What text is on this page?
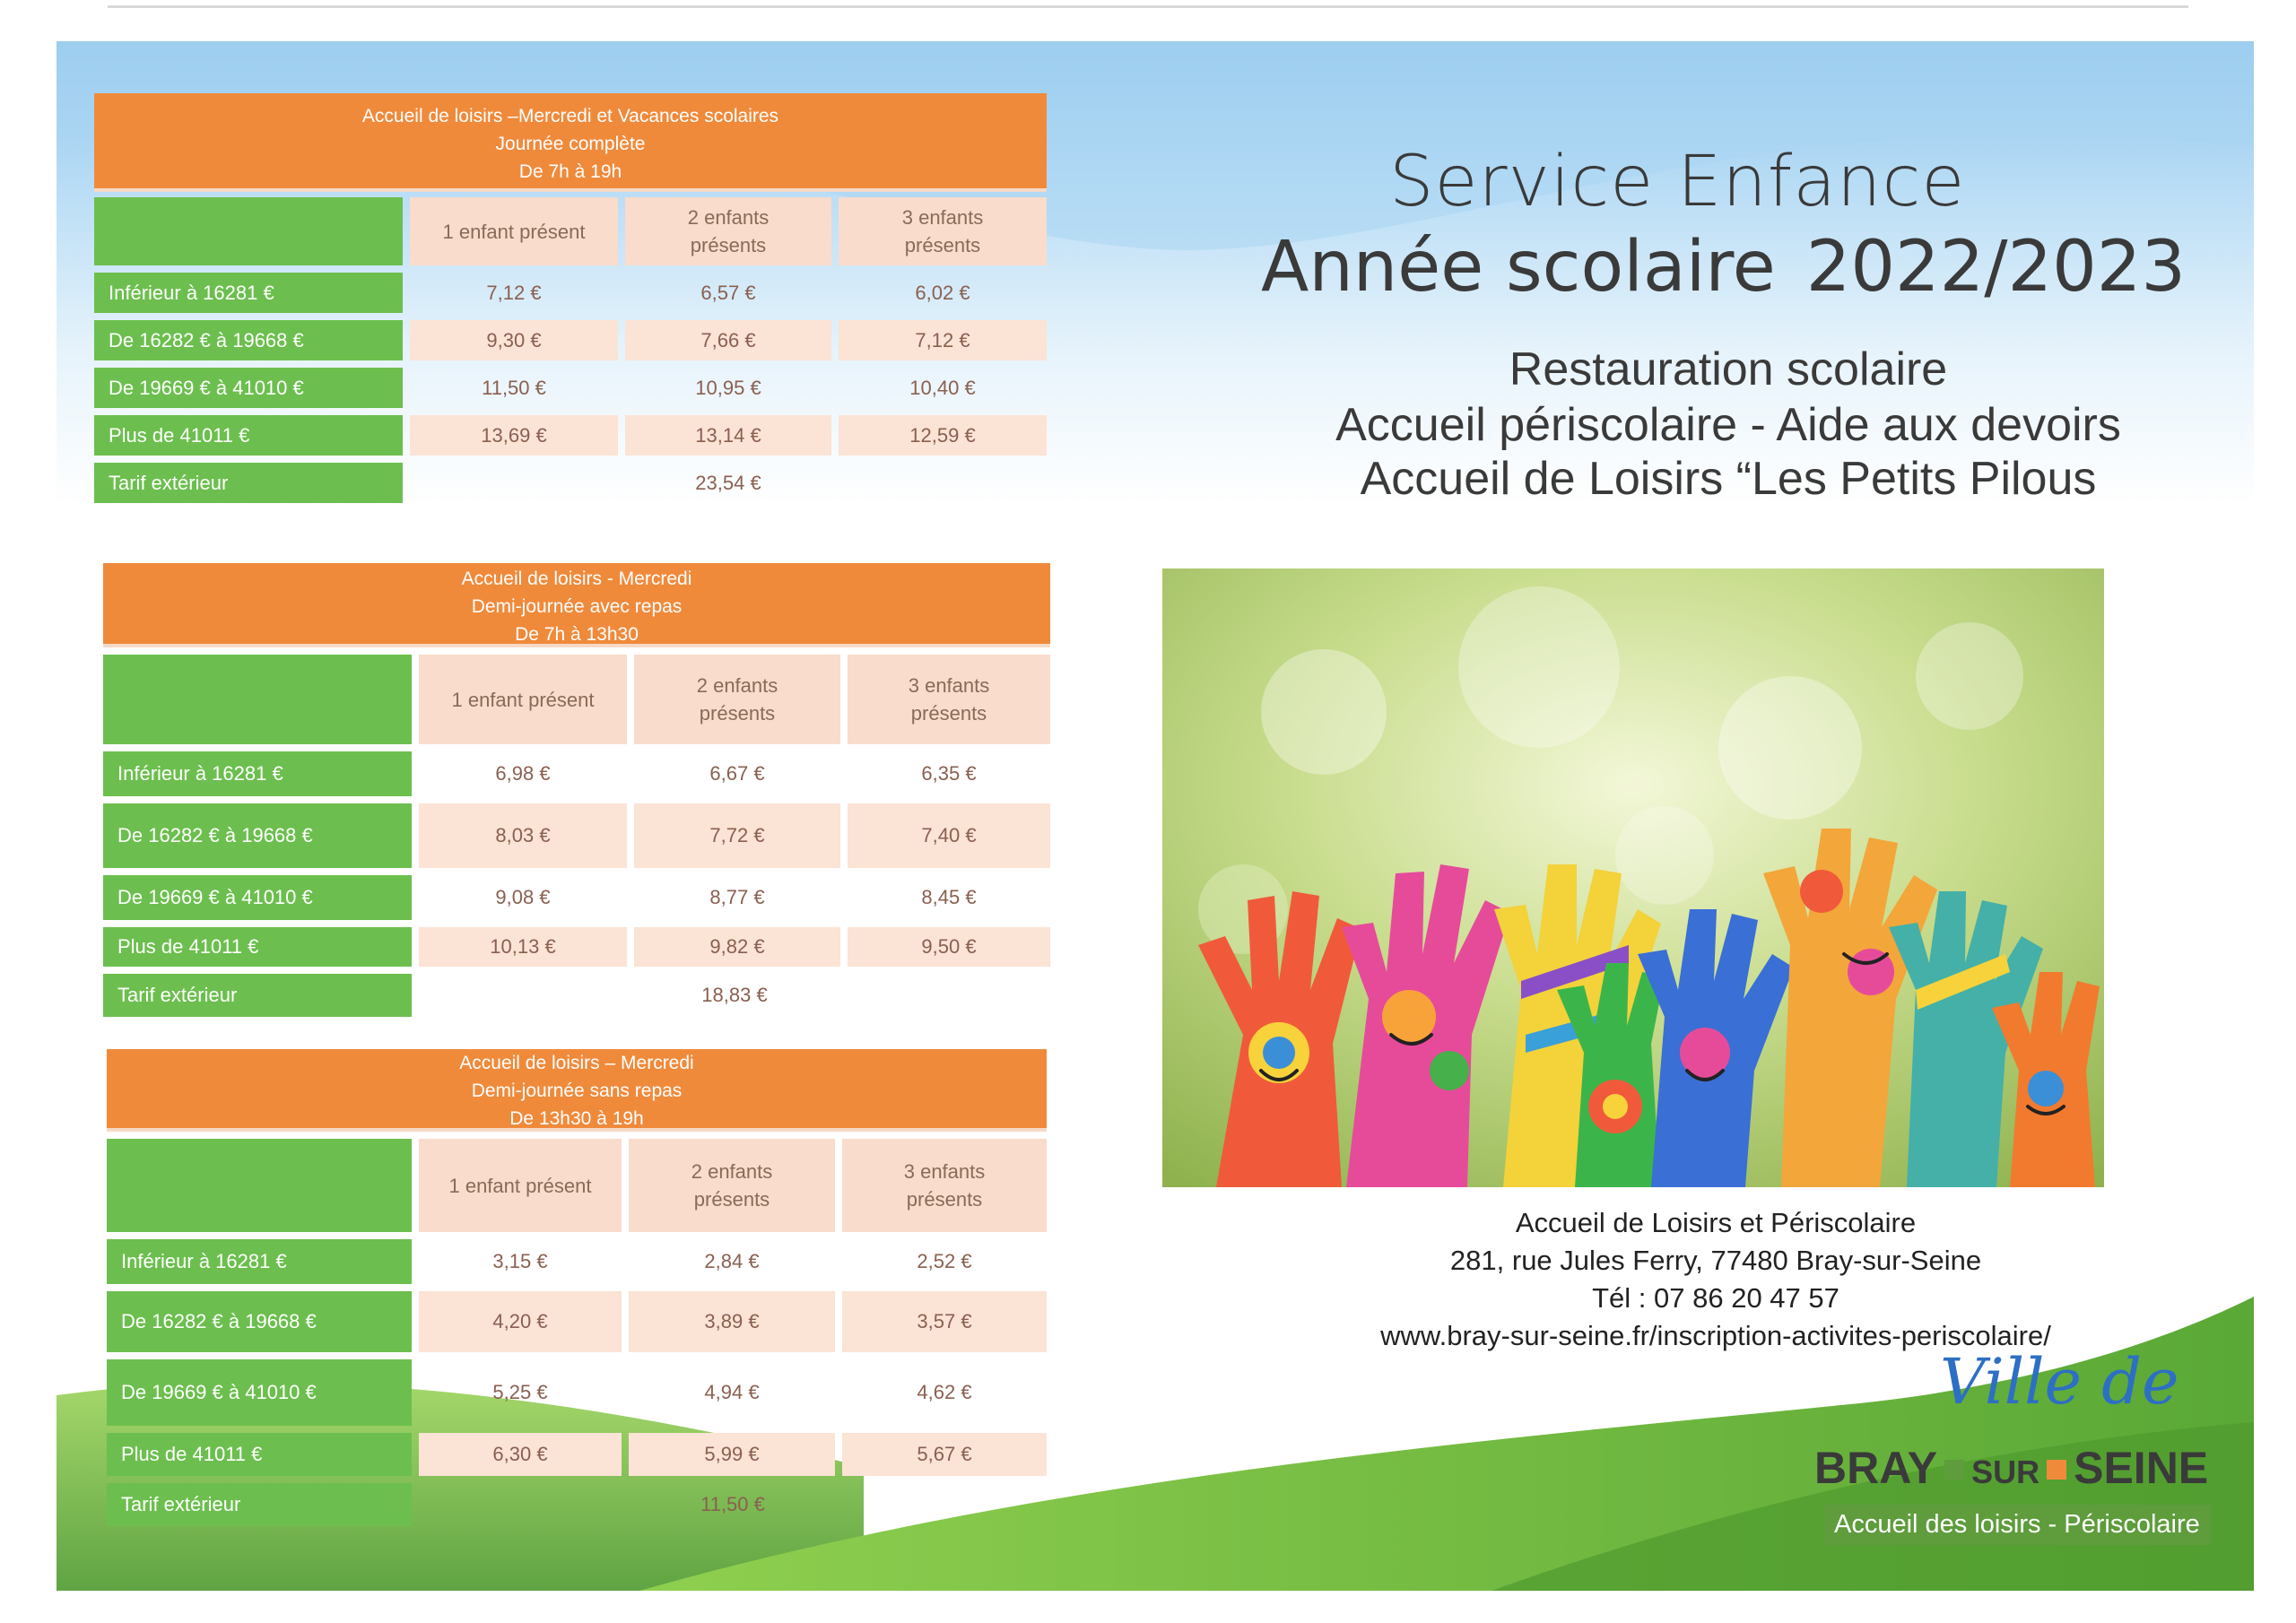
Accueil de loisirs –Mercredi et Vacances scolaires
Journée complète
De 7h à 19h
1 enfant présent
2 enfants présents
3 enfants présents
Inférieur à 16281 €	7,12 €	6,57 €	6,02 €
De 16282 € à 19668 €	9,30 €	7,66 €	7,12 €
De 19669 € à 41010 €	11,50 €	10,95 €	10,40 €
Plus de 41011 €	13,69 €	13,14 €	12,59 €
Tarif extérieur	23,54 €
Accueil de loisirs - Mercredi
Demi-journée avec repas
De 7h à 13h30
1 enfant présent
2 enfants présents
3 enfants présents
Inférieur à 16281 €	6,98 €	6,67 €	6,35 €
De 16282 € à 19668 €	8,03 €	7,72 €	7,40 €
De 19669 € à 41010 €	9,08 €	8,77 €	8,45 €
Plus de 41011 €	10,13 €	9,82 €	9,50 €
Tarif extérieur	18,83 €
Accueil de loisirs – Mercredi
Demi-journée sans repas
De 13h30 à 19h
1 enfant présent
2 enfants présents
3 enfants présents
Inférieur à 16281 €	3,15 €	2,84 €	2,52 €
De 16282 € à 19668 €	4,20 €	3,89 €	3,57 €
De 19669 € à 41010 €	5,25 €	4,94 €	4,62 €
Plus de 41011 €	6,30 €	5,99 €	5,67 €
Tarif extérieur	11,50 €
Service Enfance
Année scolaire 2022/2023
Restauration scolaire
Accueil périscolaire - Aide aux devoirs
Accueil de Loisirs “Les Petits Pilous
Accueil de Loisirs et Périscolaire
281, rue Jules Ferry, 77480 Bray-sur-Seine
Tél : 07 86 20 47 57
www.bray-sur-seine.fr/inscription-activites-periscolaire/
Ville de
BRAY SUR SEINE
Accueil des loisirs - Périscolaire
